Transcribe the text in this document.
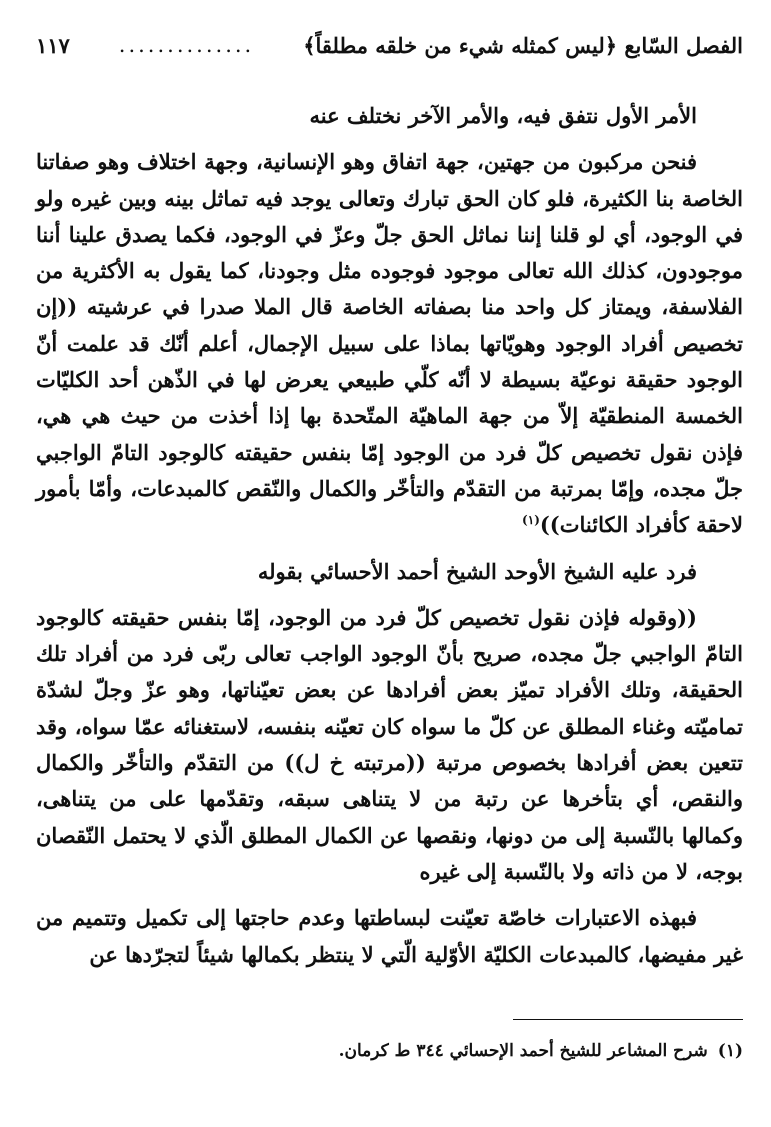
الفصل السّابع ﴿ليس كمثله شيء من خلقه مطلقاً﴾
..............
١١٧

الأمر الأول نتفق فيه، والأمر الآخر نختلف عنه

فنحن مركبون من جهتين، جهة اتفاق وهو الإنسانية، وجهة اختلاف وهو صفاتنا الخاصة بنا الكثيرة، فلو كان الحق تبارك وتعالى يوجد فيه تماثل بينه وبين غيره ولو في الوجود، أي لو قلنا إننا نماثل الحق جلّ وعزّ في الوجود، فكما يصدق علينا أننا موجودون، كذلك الله تعالى موجود فوجوده مثل وجودنا، كما يقول به الأكثرية من الفلاسفة، ويمتاز كل واحد منا بصفاته الخاصة قال الملا صدرا في عرشيته ((إن تخصيص أفراد الوجود وهويّاتها بماذا على سبيل الإجمال، أعلم أنّك قد علمت أنّ الوجود حقيقة نوعيّة بسيطة لا أنّه كلّي طبيعي يعرض لها في الذّهن أحد الكليّات الخمسة المنطقيّة إلاّ من جهة الماهيّة المتّحدة بها إذا أخذت من حيث هي هي، فإذن نقول تخصيص كلّ فرد من الوجود إمّا بنفس حقيقته كالوجود التامّ الواجبي جلّ مجده، وإمّا بمرتبة من التقدّم والتأخّر والكمال والنّقص كالمبدعات، وأمّا بأمور لاحقة كأفراد الكائنات))$^{(١)}$

فرد عليه الشيخ الأوحد الشيخ أحمد الأحسائي بقوله

((وقوله فإذن نقول تخصيص كلّ فرد من الوجود، إمّا بنفس حقيقته كالوجود التامّ الواجبي جلّ مجده، صريح بأنّ الوجود الواجب تعالى ربّى فرد من أفراد تلك الحقيقة، وتلك الأفراد تميّز بعض أفرادها عن بعض تعيّناتها، وهو عزّ وجلّ لشدّة تماميّته وغناء المطلق عن كلّ ما سواه كان تعيّنه بنفسه، لاستغنائه عمّا سواه، وقد تتعين بعض أفرادها بخصوص مرتبة ((مرتبته خ ل)) من التقدّم والتأخّر والكمال والنقص، أي بتأخرها عن رتبة من لا يتناهى سبقه، وتقدّمها على من يتناهى، وكمالها بالنّسبة إلى من دونها، ونقصها عن الكمال المطلق الّذي لا يحتمل النّقصان بوجه، لا من ذاته ولا بالنّسبة إلى غيره

فبهذه الاعتبارات خاصّة تعيّنت لبساطتها وعدم حاجتها إلى تكميل وتتميم من غير مفيضها، كالمبدعات الكليّة الأوّلية الّتي لا ينتظر بكمالها شيئاً لتجرّدها عن

(١)شرح المشاعر للشيخ أحمد الإحسائي ٣٤٤ ط كرمان.
